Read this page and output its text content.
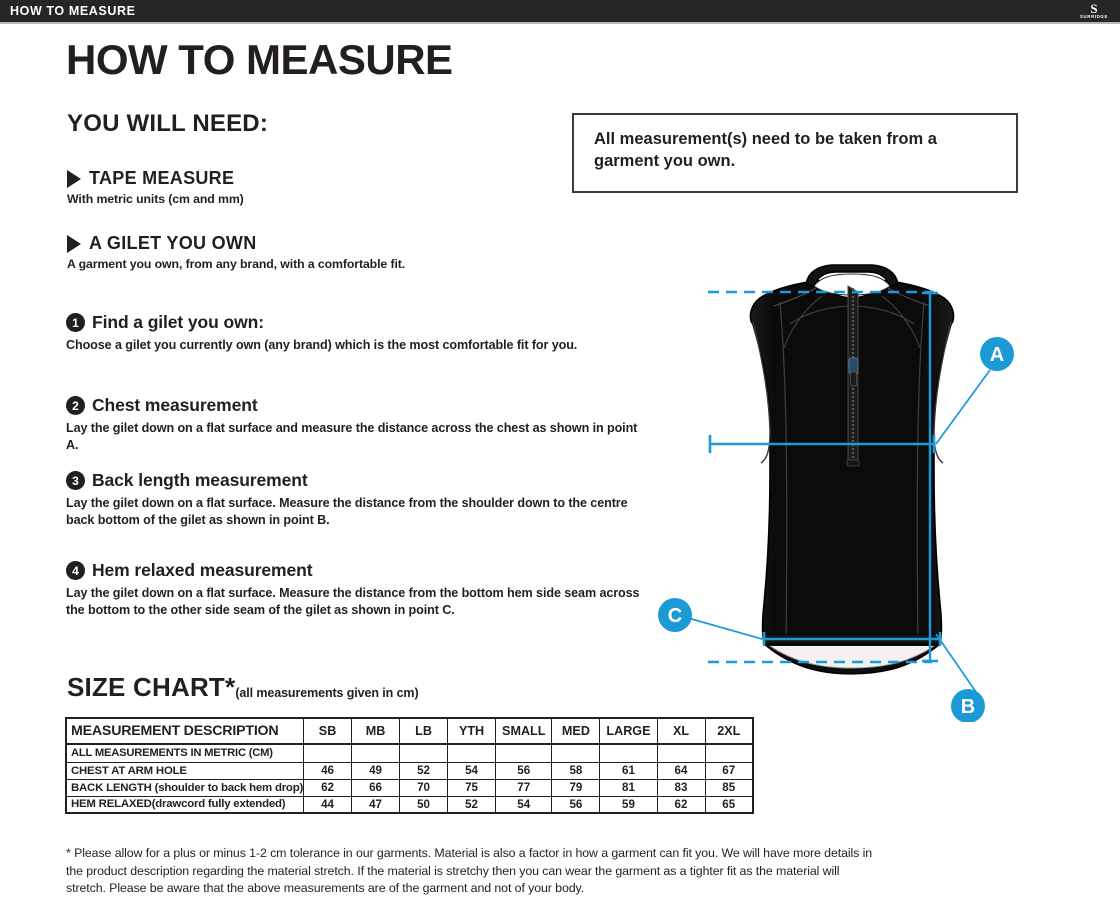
HOW TO MEASURE	S
SURRIDGE
HOW TO MEASURE
YOU WILL NEED:
TAPE MEASURE
With metric units (cm and mm)
A GILET YOU OWN
A garment you own, from any brand, with a comfortable fit.
All measurement(s) need to be taken from a garment you own.
1 Find a gilet you own:
Choose a gilet you currently own (any brand) which is the most comfortable fit for you.
2 Chest measurement
Lay the gilet down on a flat surface and measure the distance across the chest as shown in point A.
3 Back length measurement
Lay the gilet down on a flat surface. Measure the distance from the shoulder down to the centre back bottom of the gilet as shown in point B.
4 Hem relaxed measurement
Lay the gilet down on a flat surface. Measure the distance from the bottom hem side seam across the bottom to the other side seam of the gilet as shown in point C.
SIZE CHART* (all measurements given in cm)
MEASUREMENT DESCRIPTION	SB	MB	LB	YTH	SMALL	MED	LARGE	XL	2XL
ALL MEASUREMENTS IN METRIC (CM)									
CHEST AT ARM HOLE	46	49	52	54	56	58	61	64	67
BACK LENGTH (shoulder to back hem drop)	62	66	70	75	77	79	81	83	85
HEM RELAXED(drawcord fully extended)	44	47	50	52	54	56	59	62	65
* Please allow for a plus or minus 1-2 cm tolerance in our garments. Material is also a factor in how a garment can fit you. We will have more details in the product description regarding the material stretch. If the material is stretchy then you can wear the garment as a tighter fit as the material will stretch. Please be aware that the above measurements are of the garment and not of your body.
A
B
C
